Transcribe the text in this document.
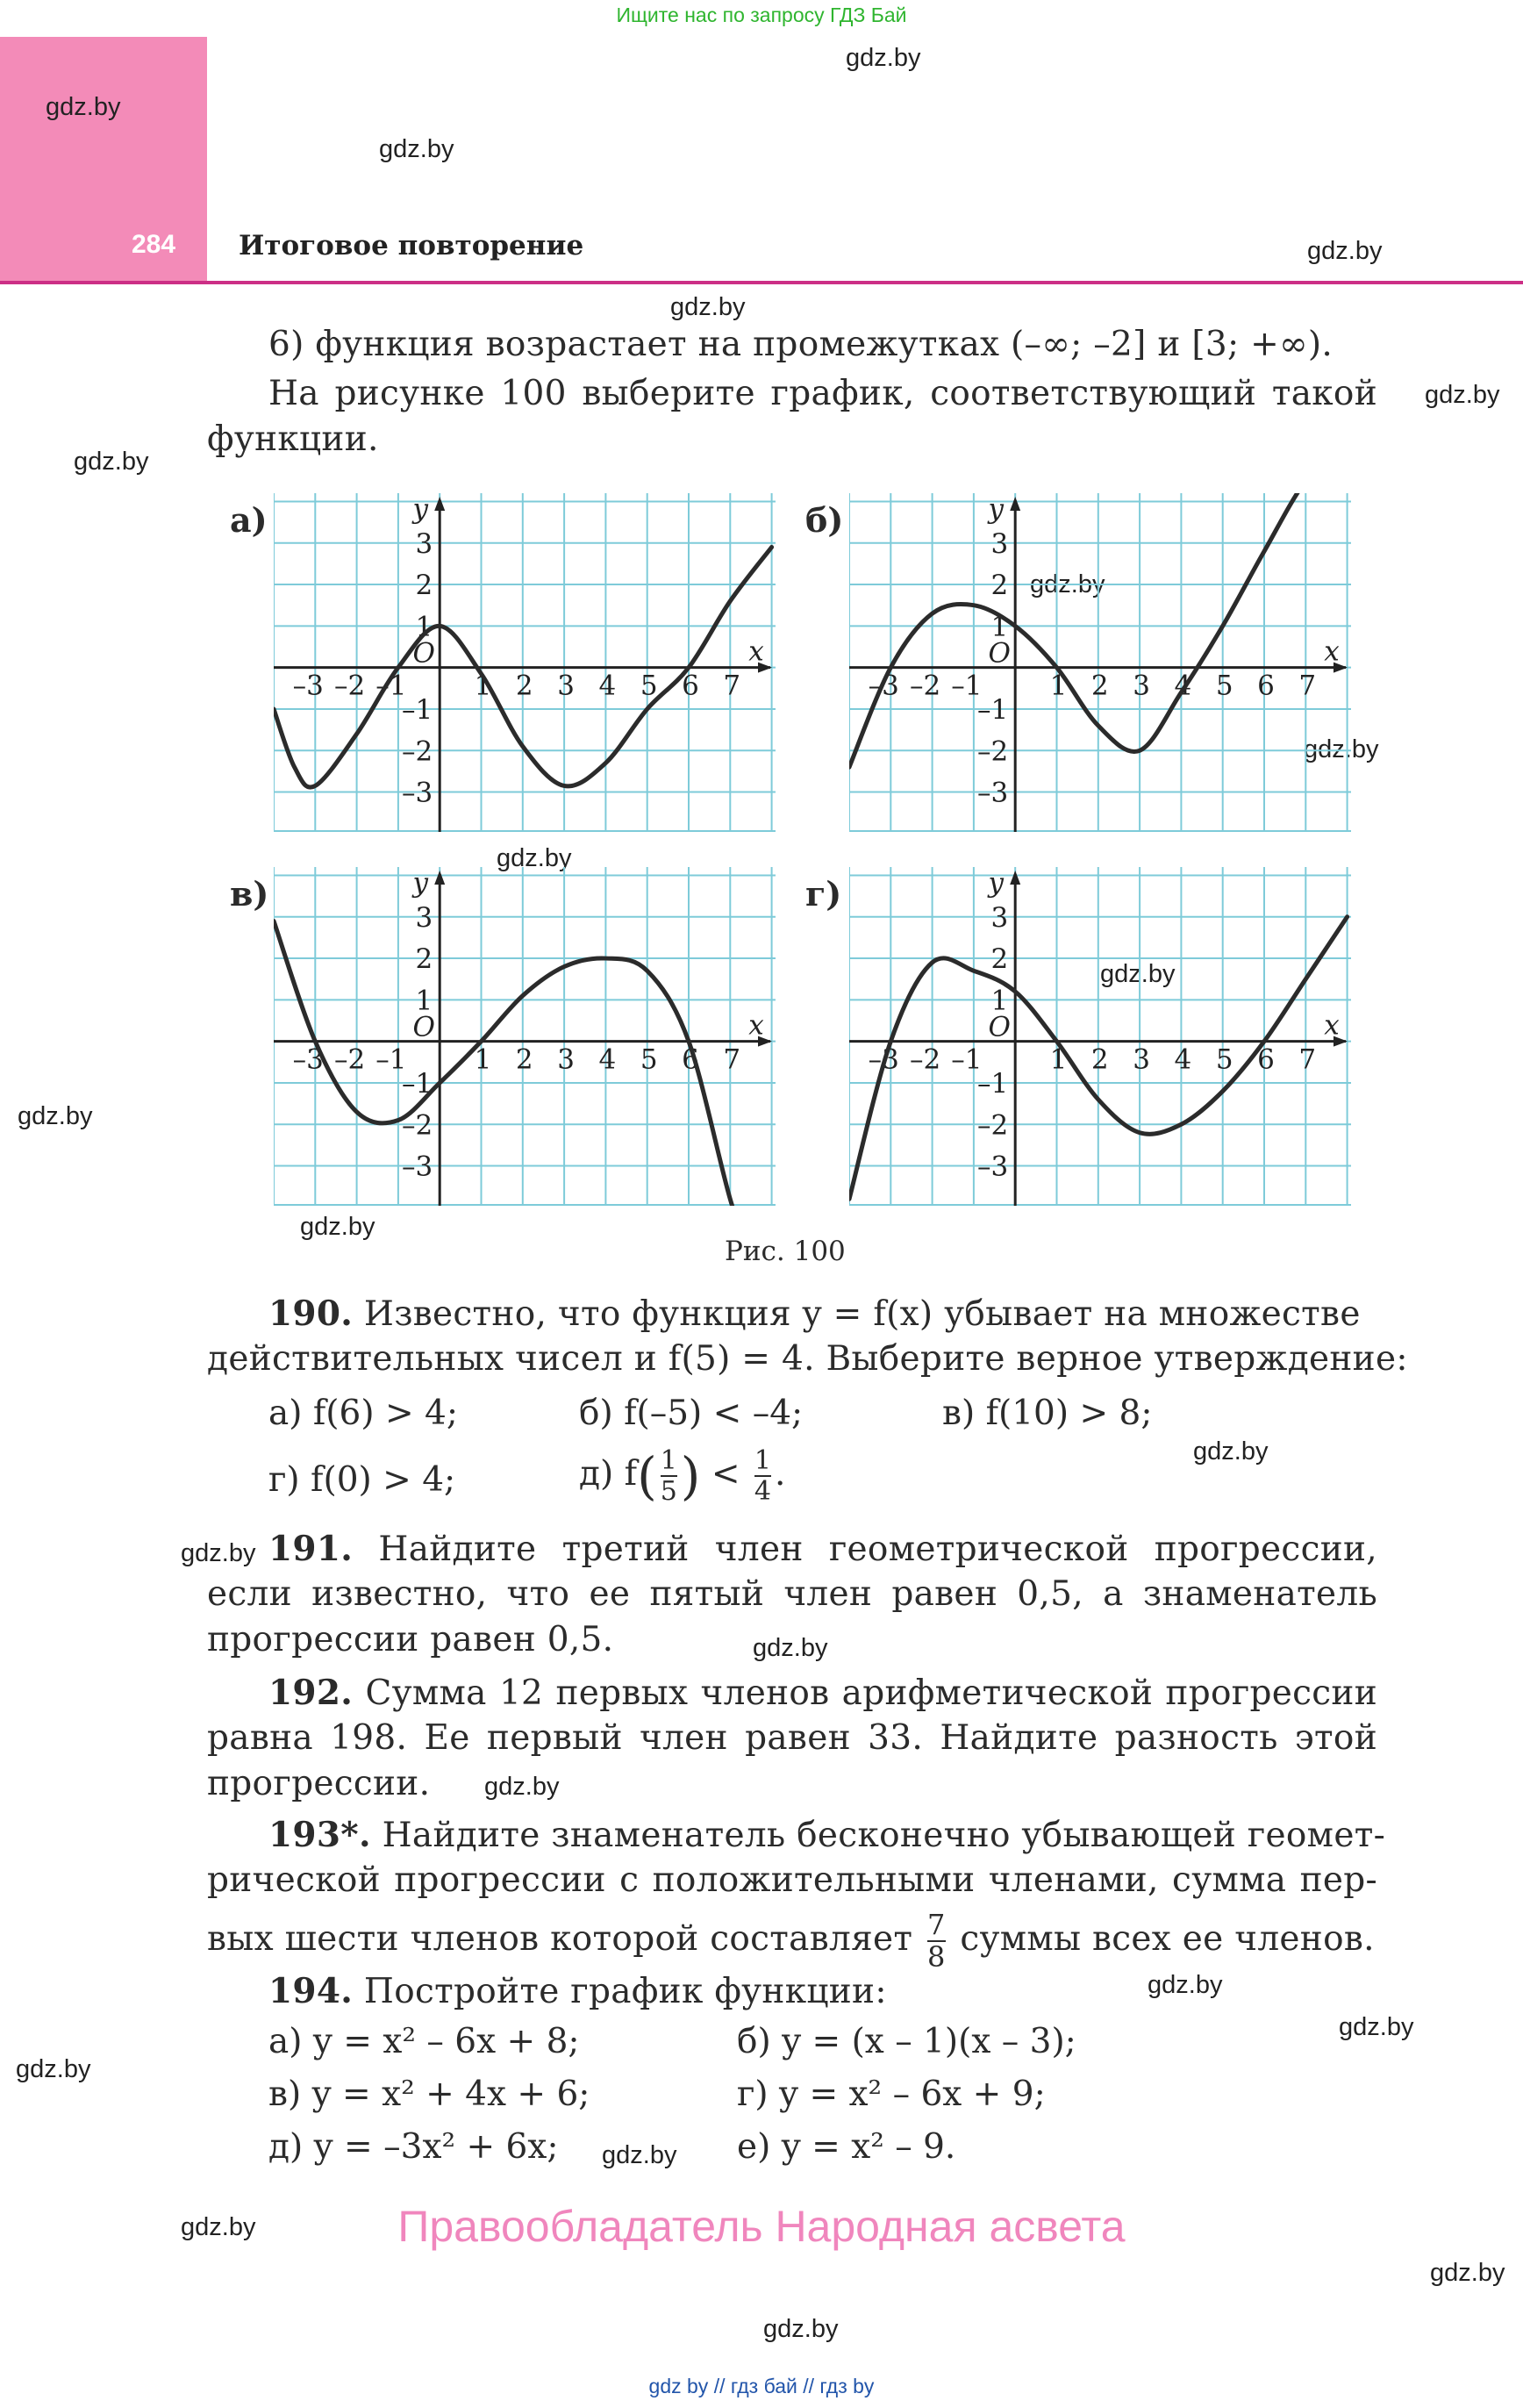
Ищите нас по запросу ГДЗ Бай
284 Итоговое повторение
gdz.by
gdz.by
gdz.by
gdz.by
gdz.by
gdz.by
gdz.by
gdz.by
gdz.by
gdz.by
gdz.by
gdz.by
gdz.by
gdz.by
gdz.by
gdz.by
gdz.by
gdz.by
gdz.by
gdz.by
gdz.by
gdz.by
gdz.by
gdz.by
6) функция возрастает на промежутках (–∞; –2] и [3; +∞).
На рисунке 100 выберите график, соответствующий такой
функции.
а)	б)
в)	г)
–3 –2 –1 1 2 3 4 5 6 7
3
2
1
–1
–2
–3
x
y
O
–3 –2 –1 1 2 3 4 5 6 7
3
2
1
–1
–2
–3
x
y
O
–3 –2 –1 1 2 3 4 5 6 7
3
2
1
–1
–2
–3
x
y
O
–3 –2 –1 1 2 3 4 5 6 7
3
2
1
–1
–2
–3
x
y
O
Рис. 100
190. Известно, что функция y = f(x) убывает на множестве
действительных чисел и f(5) = 4. Выберите верное утверждение:
а) f(6) > 4;	б) f(–5) < –4;	в) f(10) > 8;
г) f(0) > 4;	д) $f( \frac{1}{5}$ ) < $\frac{1}{4}$ .
191. Найдите третий член геометрической прогрессии,
если известно, что ее пятый член равен 0,5, а знаменатель
прогрессии равен 0,5.
192. Сумма 12 первых членов арифметической прогрессии
равна 198. Ее первый член равен 33. Найдите разность этой
прогрессии.
193*. Найдите знаменатель бесконечно убывающей геомет-
рической прогрессии с положительными членами, сумма пер-
вых шести членов которой составляет $\frac{7}{8}$ суммы всех ее членов.
194. Постройте график функции:
а) y = x² – 6x + 8;	б) y = (x – 1)(x – 3);
в) y = x² + 4x + 6;	г) y = x² – 6x + 9;
д) y = –3x² + 6x;	е) y = x² – 9.
Правообладатель Народная асвета
gdz by // гдз бай // гдз by
